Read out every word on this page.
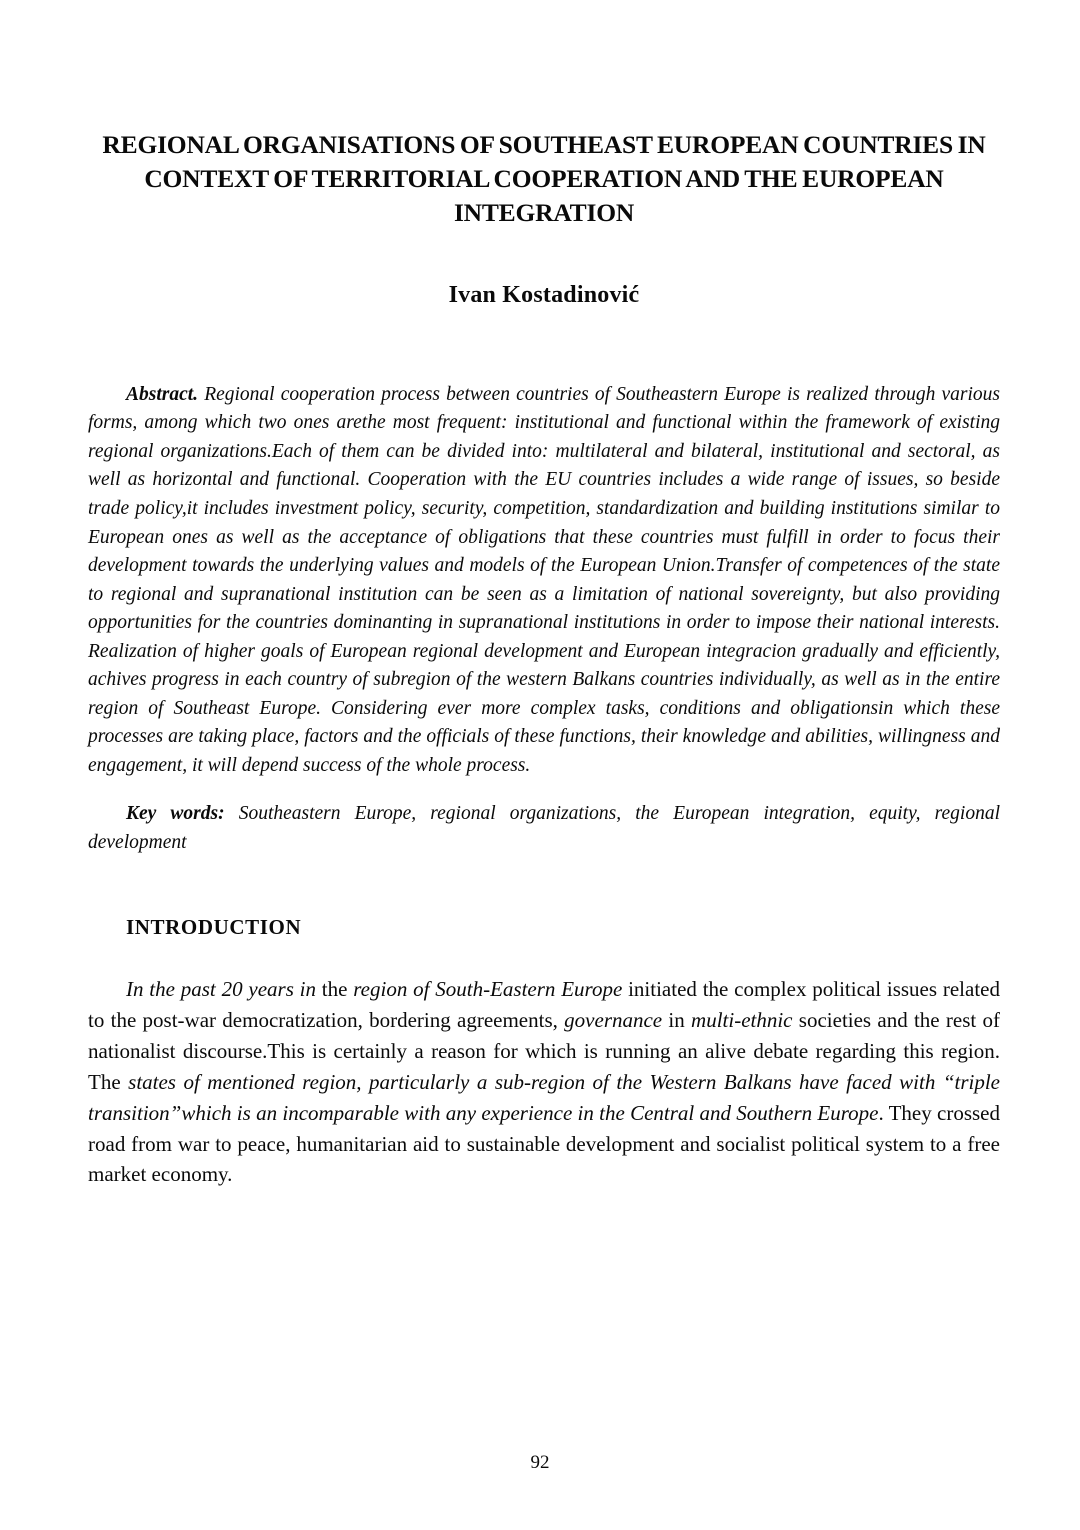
REGIONAL ORGANISATIONS OF SOUTHEAST EUROPEAN COUNTRIES IN CONTEXT OF TERRITORIAL COOPERATION AND THE EUROPEAN INTEGRATION
Ivan Kostadinović

Abstract. Regional cooperation process between countries of Southeastern Europe is realized through various forms, among which two ones arethe most frequent: institutional and functional within the framework of existing regional organizations.Each of them can be divided into: multilateral and bilateral, institutional and sectoral, as well as horizontal and functional. Cooperation with the EU countries includes a wide range of issues, so beside trade policy,it includes investment policy, security, competition, standardization and building institutions similar to European ones as well as the acceptance of obligations that these countries must fulfill in order to focus their development towards the underlying values and models of the European Union.Transfer of competences of the state to regional and supranational institution can be seen as a limitation of national sovereignty, but also providing opportunities for the countries dominanting in supranational institutions in order to impose their national interests. Realization of higher goals of European regional development and European integracion gradually and efficiently, achives progress in each country of subregion of the western Balkans countries individually, as well as in the entire region of Southeast Europe. Considering ever more complex tasks, conditions and obligationsin which these processes are taking place, factors and the officials of these functions, their knowledge and abilities, willingness and engagement, it will depend success of the whole process.

Key words: Southeastern Europe, regional organizations, the European integration, equity, regional development

INTRODUCTION

In the past 20 years in the region of South-Eastern Europe initiated the complex political issues related to the post-war democratization, bordering agreements, governance in multi-ethnic societies and the rest of nationalist discourse.This is certainly a reason for which is running an alive debate regarding this region. The states of mentioned region, particularly a sub-region of the Western Balkans have faced with “triple transition”which is an incomparable with any experience in the Central and Southern Europe. They crossed road from war to peace, humanitarian aid to sustainable development and socialist political system to a free market economy.

92
